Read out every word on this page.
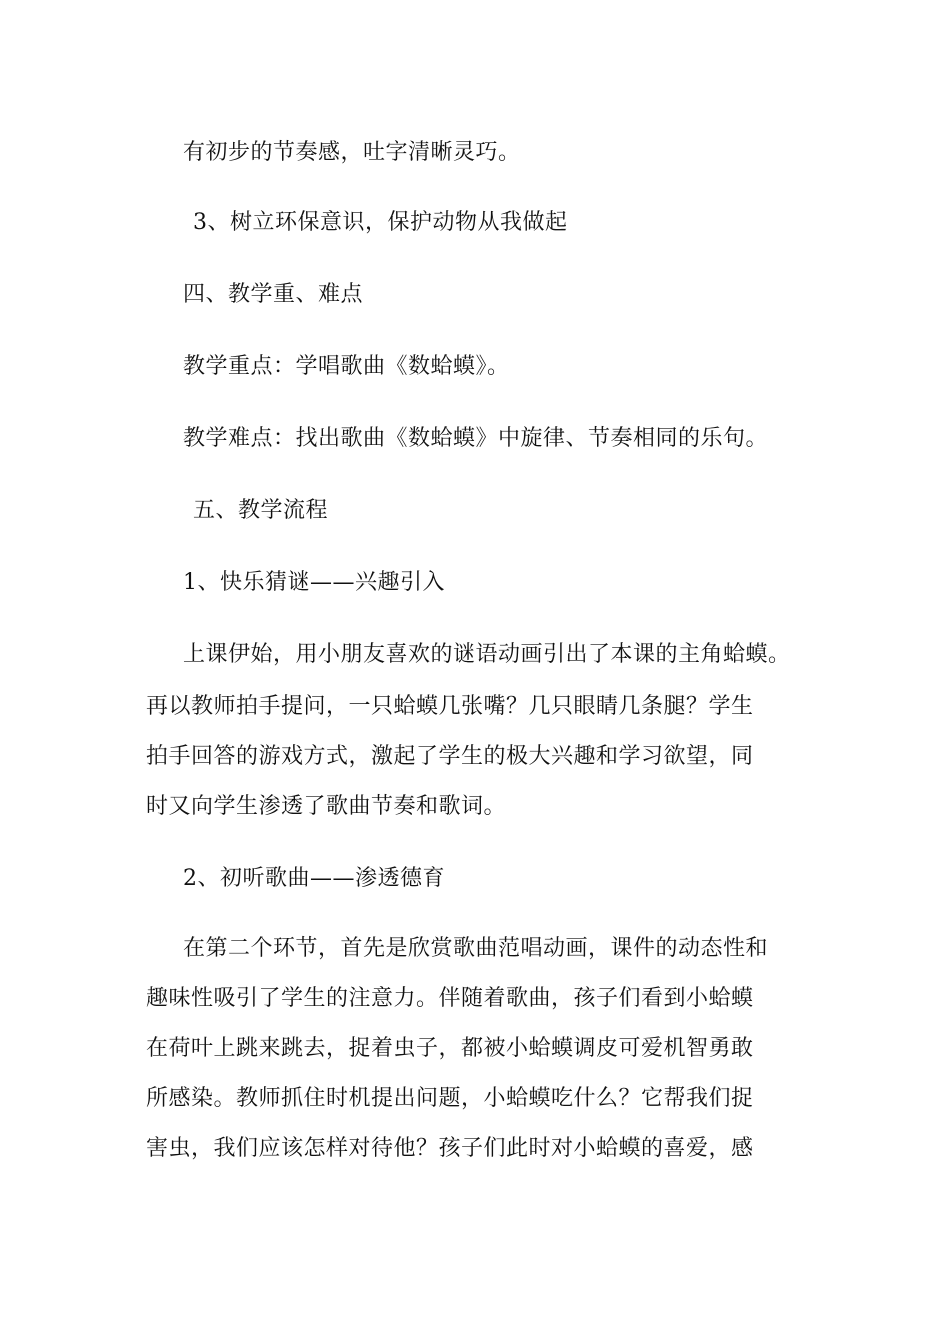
有初步的节奏感，吐字清晰灵巧。
3、树立环保意识，保护动物从我做起
四、教学重、难点
教学重点：学唱歌曲《数蛤蟆》。
教学难点：找出歌曲《数蛤蟆》中旋律、节奏相同的乐句。
五、教学流程
1、快乐猜谜——兴趣引入
上课伊始，用小朋友喜欢的谜语动画引出了本课的主角蛤蟆。
再以教师拍手提问，一只蛤蟆几张嘴？几只眼睛几条腿？学生
拍手回答的游戏方式，激起了学生的极大兴趣和学习欲望，同
时又向学生渗透了歌曲节奏和歌词。
2、初听歌曲——渗透德育
在第二个环节，首先是欣赏歌曲范唱动画，课件的动态性和
趣味性吸引了学生的注意力。伴随着歌曲，孩子们看到小蛤蟆
在荷叶上跳来跳去，捉着虫子，都被小蛤蟆调皮可爱机智勇敢
所感染。教师抓住时机提出问题，小蛤蟆吃什么？它帮我们捉
害虫，我们应该怎样对待他？孩子们此时对小蛤蟆的喜爱，感
